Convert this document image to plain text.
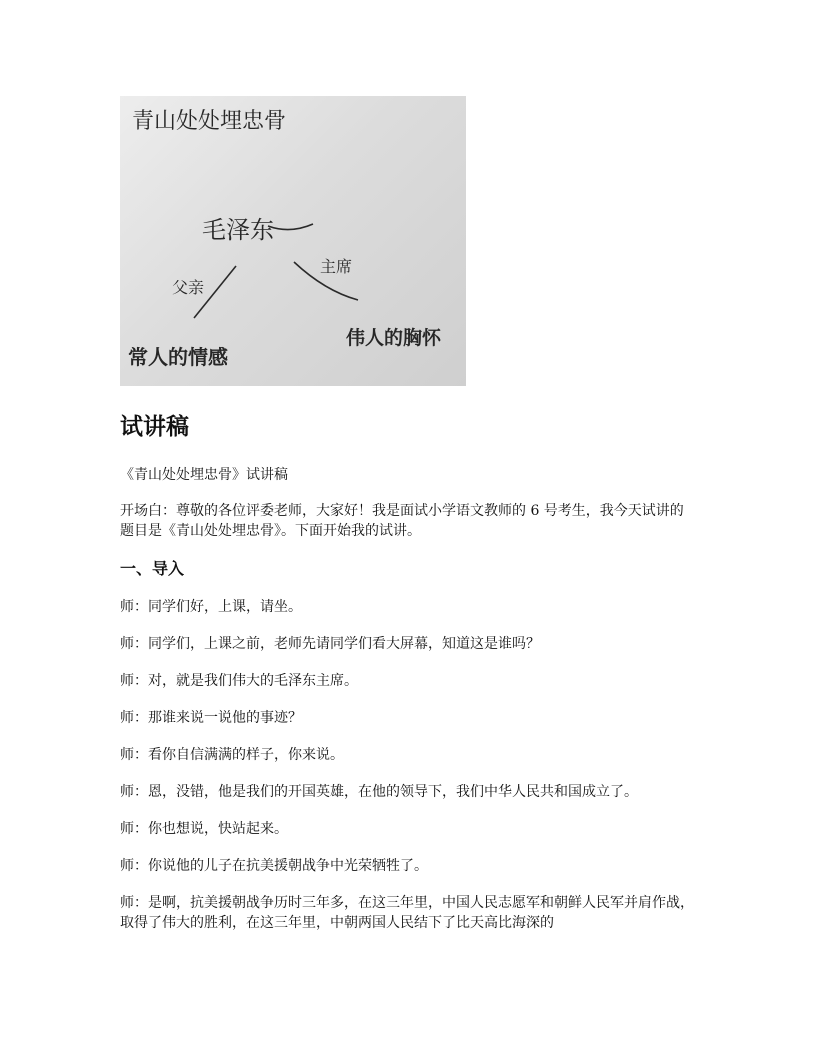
青山处处埋忠骨
毛泽东
父亲
主席
常人的情感
伟人的胸怀
试讲稿

《青山处处埋忠骨》试讲稿

开场白：尊敬的各位评委老师，大家好！我是面试小学语文教师的 6 号考生，我今天试讲的题目是《青山处处埋忠骨》。下面开始我的试讲。

一、导入

师：同学们好，上课，请坐。

师：同学们，上课之前，老师先请同学们看大屏幕，知道这是谁吗？

师：对，就是我们伟大的毛泽东主席。

师：那谁来说一说他的事迹？

师：看你自信满满的样子，你来说。

师：恩，没错，他是我们的开国英雄，在他的领导下，我们中华人民共和国成立了。

师：你也想说，快站起来。

师：你说他的儿子在抗美援朝战争中光荣牺牲了。

师：是啊，抗美援朝战争历时三年多，在这三年里，中国人民志愿军和朝鲜人民军并肩作战，取得了伟大的胜利，在这三年里，中朝两国人民结下了比天高比海深的
